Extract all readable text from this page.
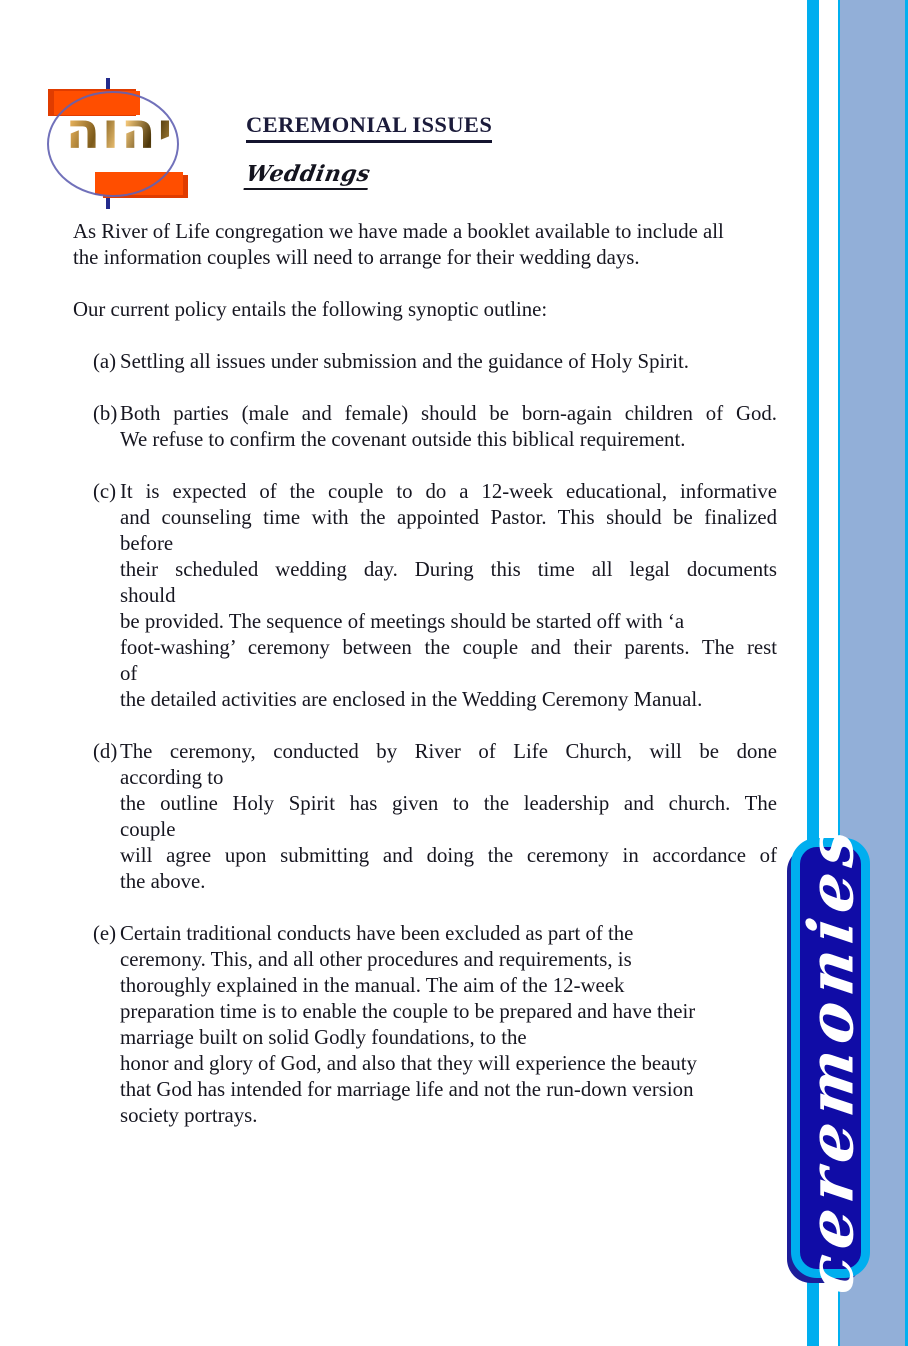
ceremonies
יהוה	CEREMONIAL ISSUES
Weddings
As River of Life congregation we have made a booklet available to include all
the information couples will need to arrange for their wedding days.
Our current policy entails the following synoptic outline:
(a) Settling all issues under submission and the guidance of Holy Spirit.
(b) Both parties (male and female) should be born-again children of God.
We refuse to confirm the covenant outside this biblical requirement.
(c) It is expected of the couple to do a 12-week educational, informative
and counseling time with the appointed Pastor. This should be finalized
before
their scheduled wedding day. During this time all legal documents
should
be provided. The sequence of meetings should be started off with ‘a
foot-washing’ ceremony between the couple and their parents. The rest
of
the detailed activities are enclosed in the Wedding Ceremony Manual.
(d) The ceremony, conducted by River of Life Church, will be done
according to
the outline Holy Spirit has given to the leadership and church. The
couple
will agree upon submitting and doing the ceremony in accordance of
the above.
(e) Certain traditional conducts have been excluded as part of the
ceremony. This, and all other procedures and requirements, is
thoroughly explained in the manual. The aim of the 12-week
preparation time is to enable the couple to be prepared and have their
marriage built on solid Godly foundations, to the
honor and glory of God, and also that they will experience the beauty
that God has intended for marriage life and not the run-down version
society portrays.
